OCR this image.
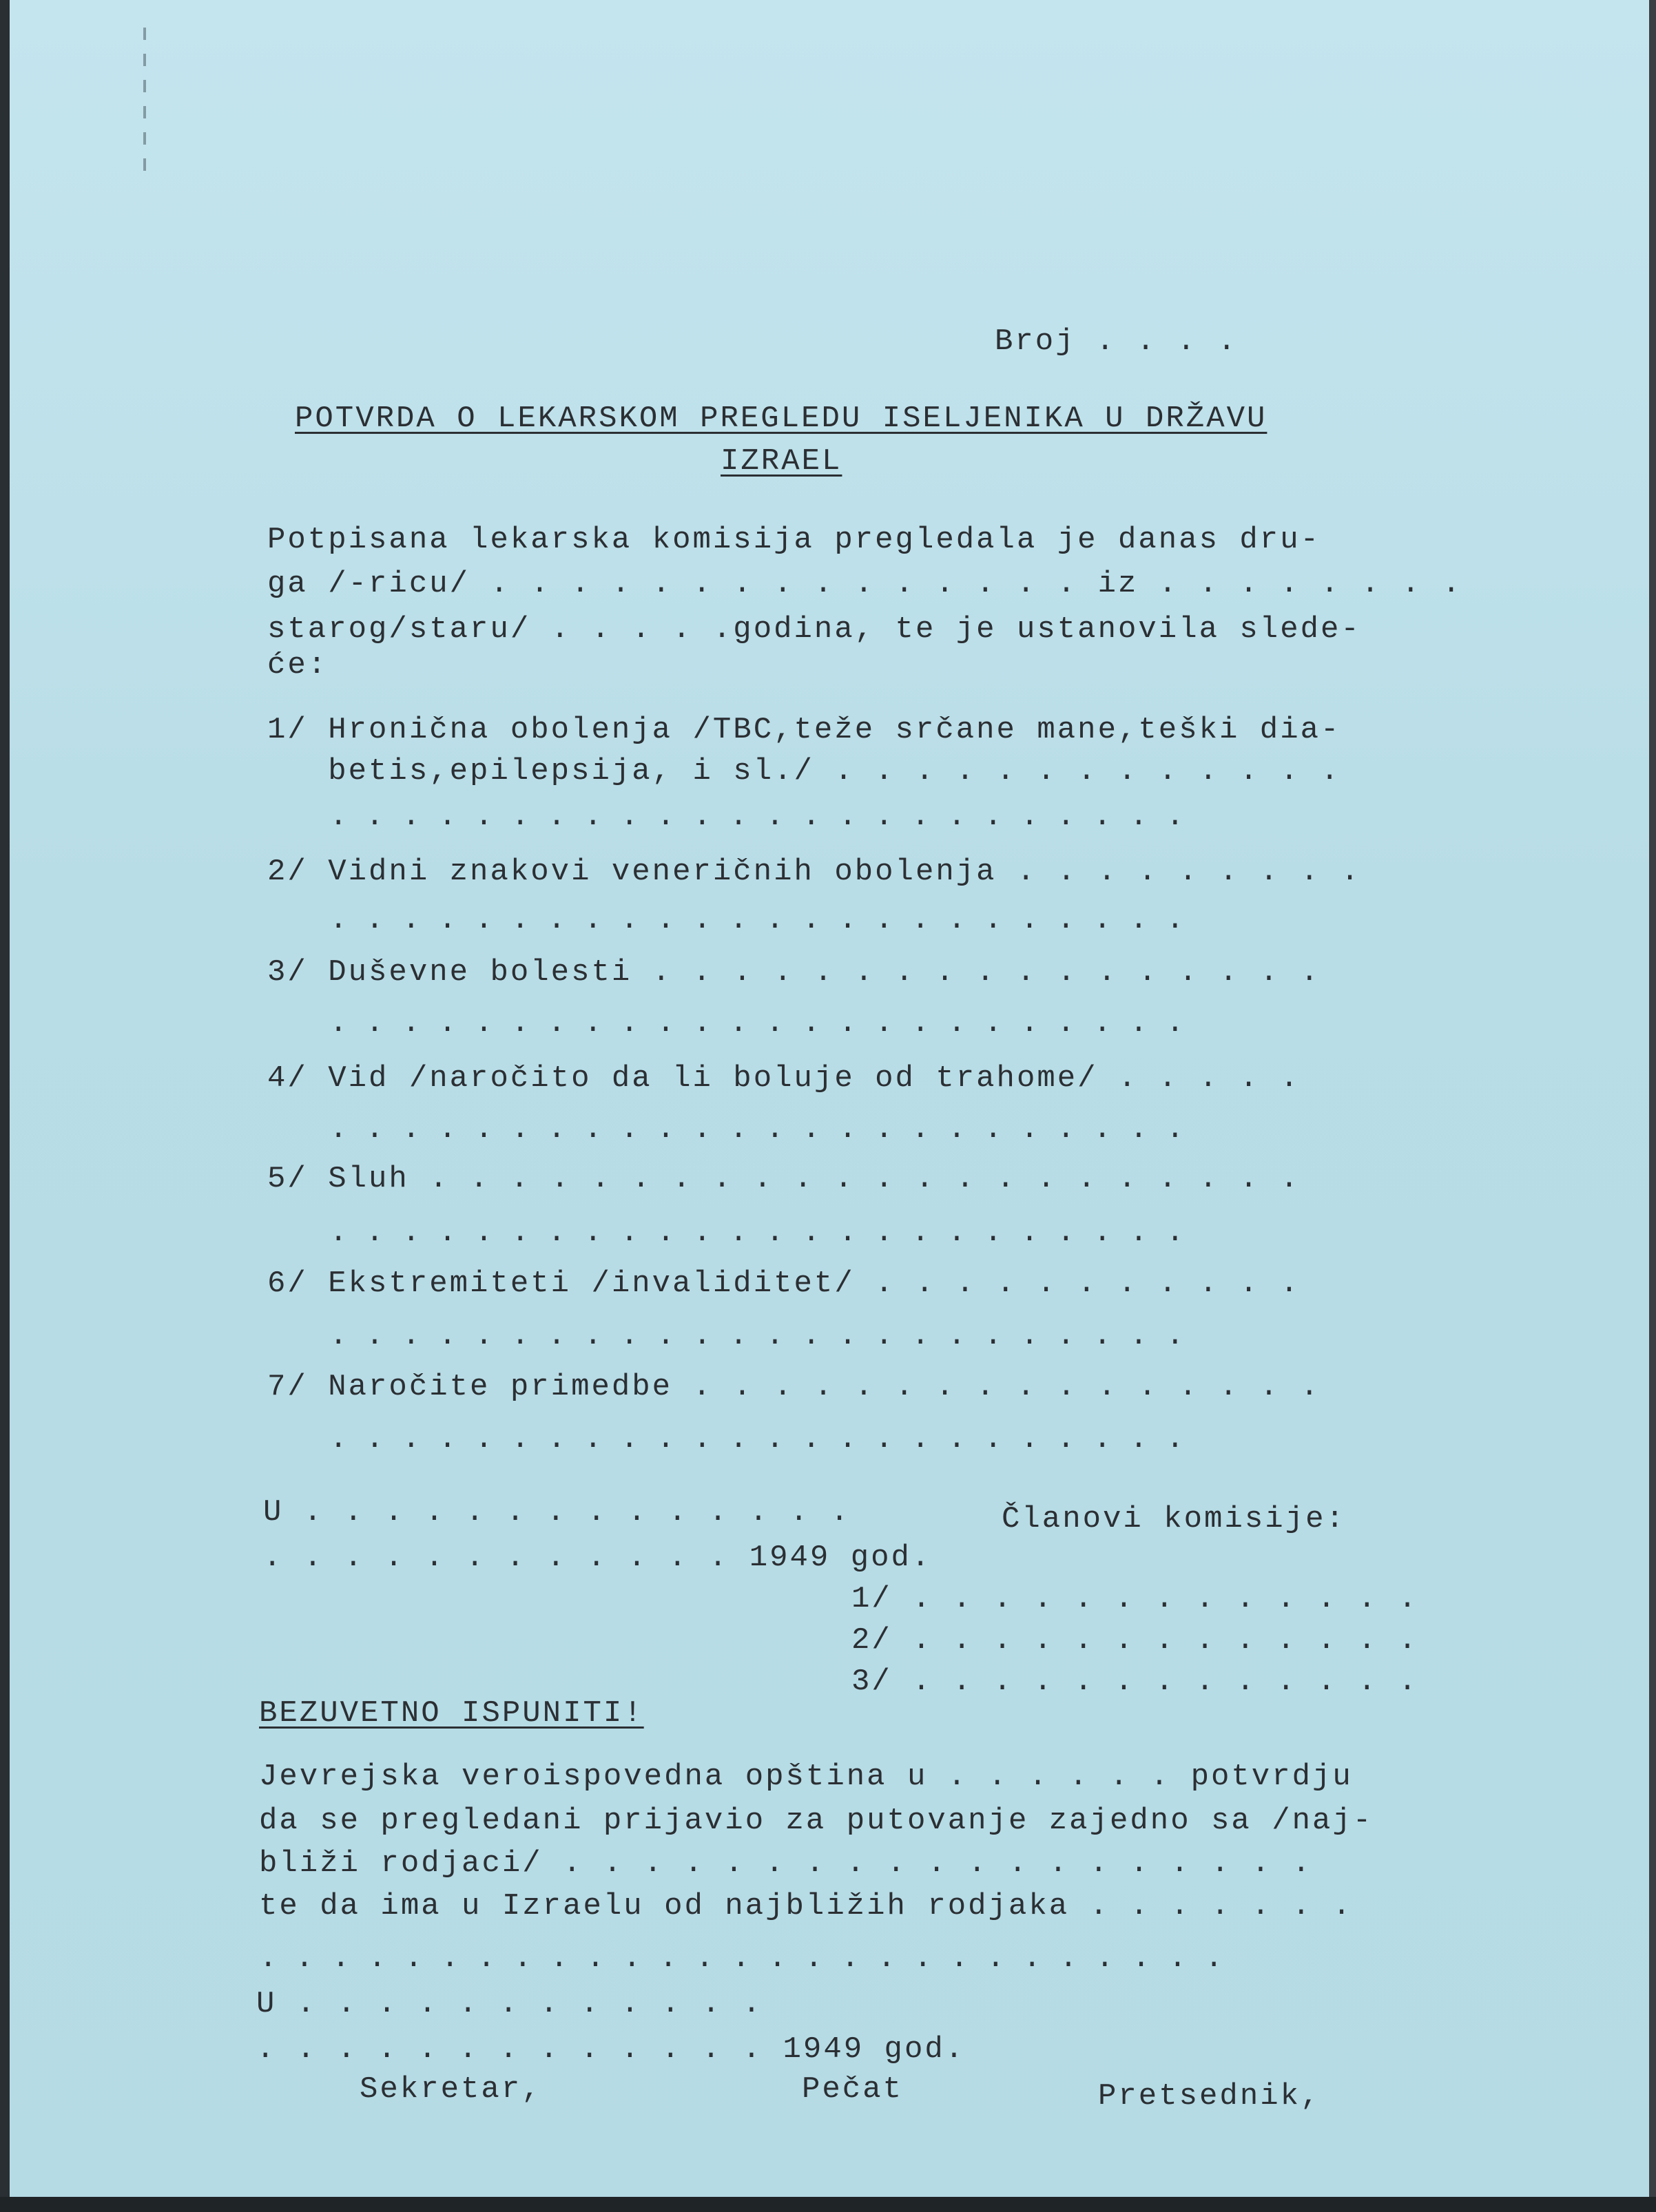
Broj . . . .
POTVRDA O LEKARSKOM PREGLEDU ISELJENIKA U DRŽAVU
IZRAEL
Potpisana lekarska komisija pregledala je danas dru-
ga /-ricu/ . . . . . . . . . . . . . . . iz . . . . . . . .
starog/staru/ . . . . .godina, te je ustanovila slede-
će:
1/ Hronična obolenja /TBC,teže srčane mane,teški dia-
betis,epilepsija, i sl./ . . . . . . . . . . . . .
. . . . . . . . . . . . . . . . . . . . . . . .
2/ Vidni znakovi veneričnih obolenja . . . . . . . . .
. . . . . . . . . . . . . . . . . . . . . . . .
3/ Duševne bolesti . . . . . . . . . . . . . . . . .
. . . . . . . . . . . . . . . . . . . . . . . .
4/ Vid /naročito da li boluje od trahome/ . . . . .
. . . . . . . . . . . . . . . . . . . . . . . .
5/ Sluh . . . . . . . . . . . . . . . . . . . . . .
. . . . . . . . . . . . . . . . . . . . . . . .
6/ Ekstremiteti /invaliditet/ . . . . . . . . . . .
. . . . . . . . . . . . . . . . . . . . . . . .
7/ Naročite primedbe . . . . . . . . . . . . . . . .
. . . . . . . . . . . . . . . . . . . . . . . .
U . . . . . . . . . . . . . .
. . . . . . . . . . . . 1949 god.
Članovi komisije:
1/ . . . . . . . . . . . . .
2/ . . . . . . . . . . . . .
3/ . . . . . . . . . . . . .
BEZUVETNO ISPUNITI!
Jevrejska veroispovedna opština u . . . . . . potvrdju
da se pregledani prijavio za putovanje zajedno sa /naj-
bliži rodjaci/ . . . . . . . . . . . . . . . . . . .
te da ima u Izraelu od najbližih rodjaka . . . . . . .
. . . . . . . . . . . . . . . . . . . . . . . . . . .
U . . . . . . . . . . . .
. . . . . . . . . . . . . 1949 god.
Sekretar,	Pečat	Pretsednik,
